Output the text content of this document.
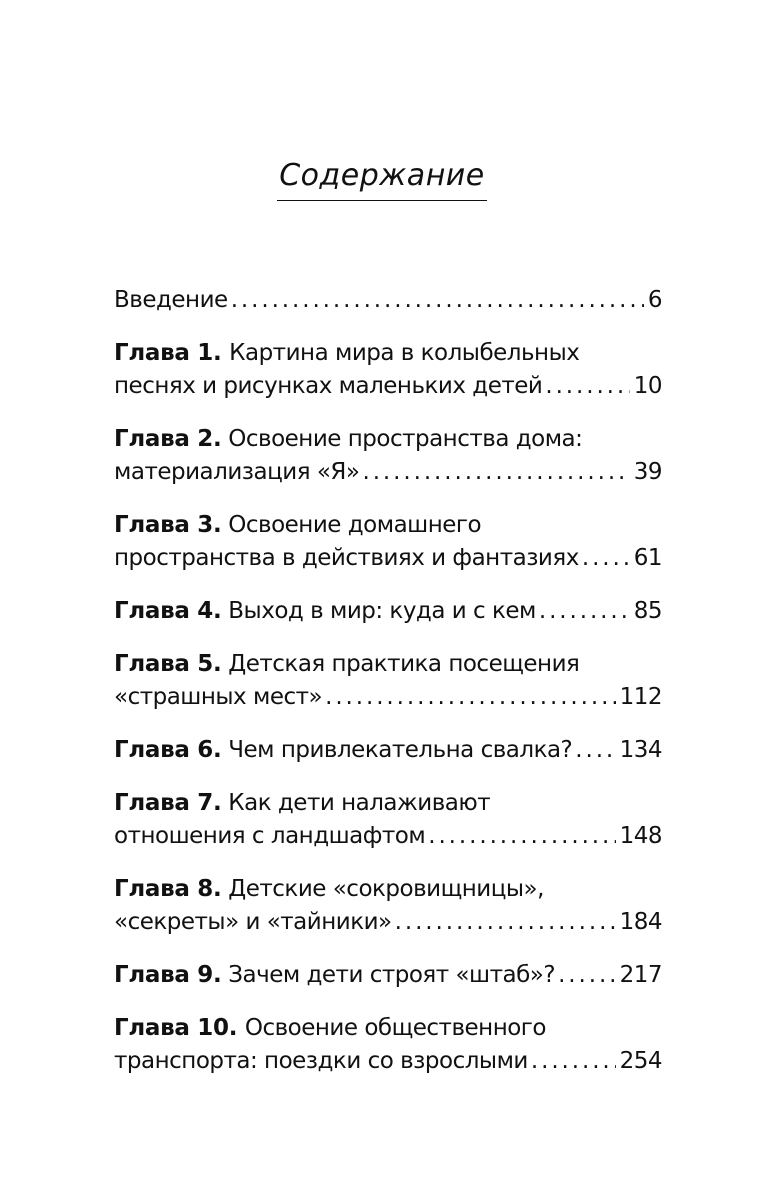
Содержание
Введение . . .	6
Глава 1. Картина мира в колыбельных
песнях и рисунках маленьких детей . . .	10
Глава 2. Освоение пространства дома:
материализация «Я» . . .	39
Глава 3. Освоение домашнего
пространства в действиях и фантазиях . . . 61
Глава 4. Выход в мир: куда и с кем . . .	85
Глава 5. Детская практика посещения
«страшных мест» . . .	112
Глава 6. Чем привлекательна свалка? . . . 134
Глава 7. Как дети налаживают
отношения с ландшафтом . . .	148
Глава 8. Детские «сокровищницы»,
«секреты» и «тайники» . . .	184
Глава 9. Зачем дети строят «штаб»? . . .	217
Глава 10. Освоение общественного
транспорта: поездки со взрослыми . . .	254
